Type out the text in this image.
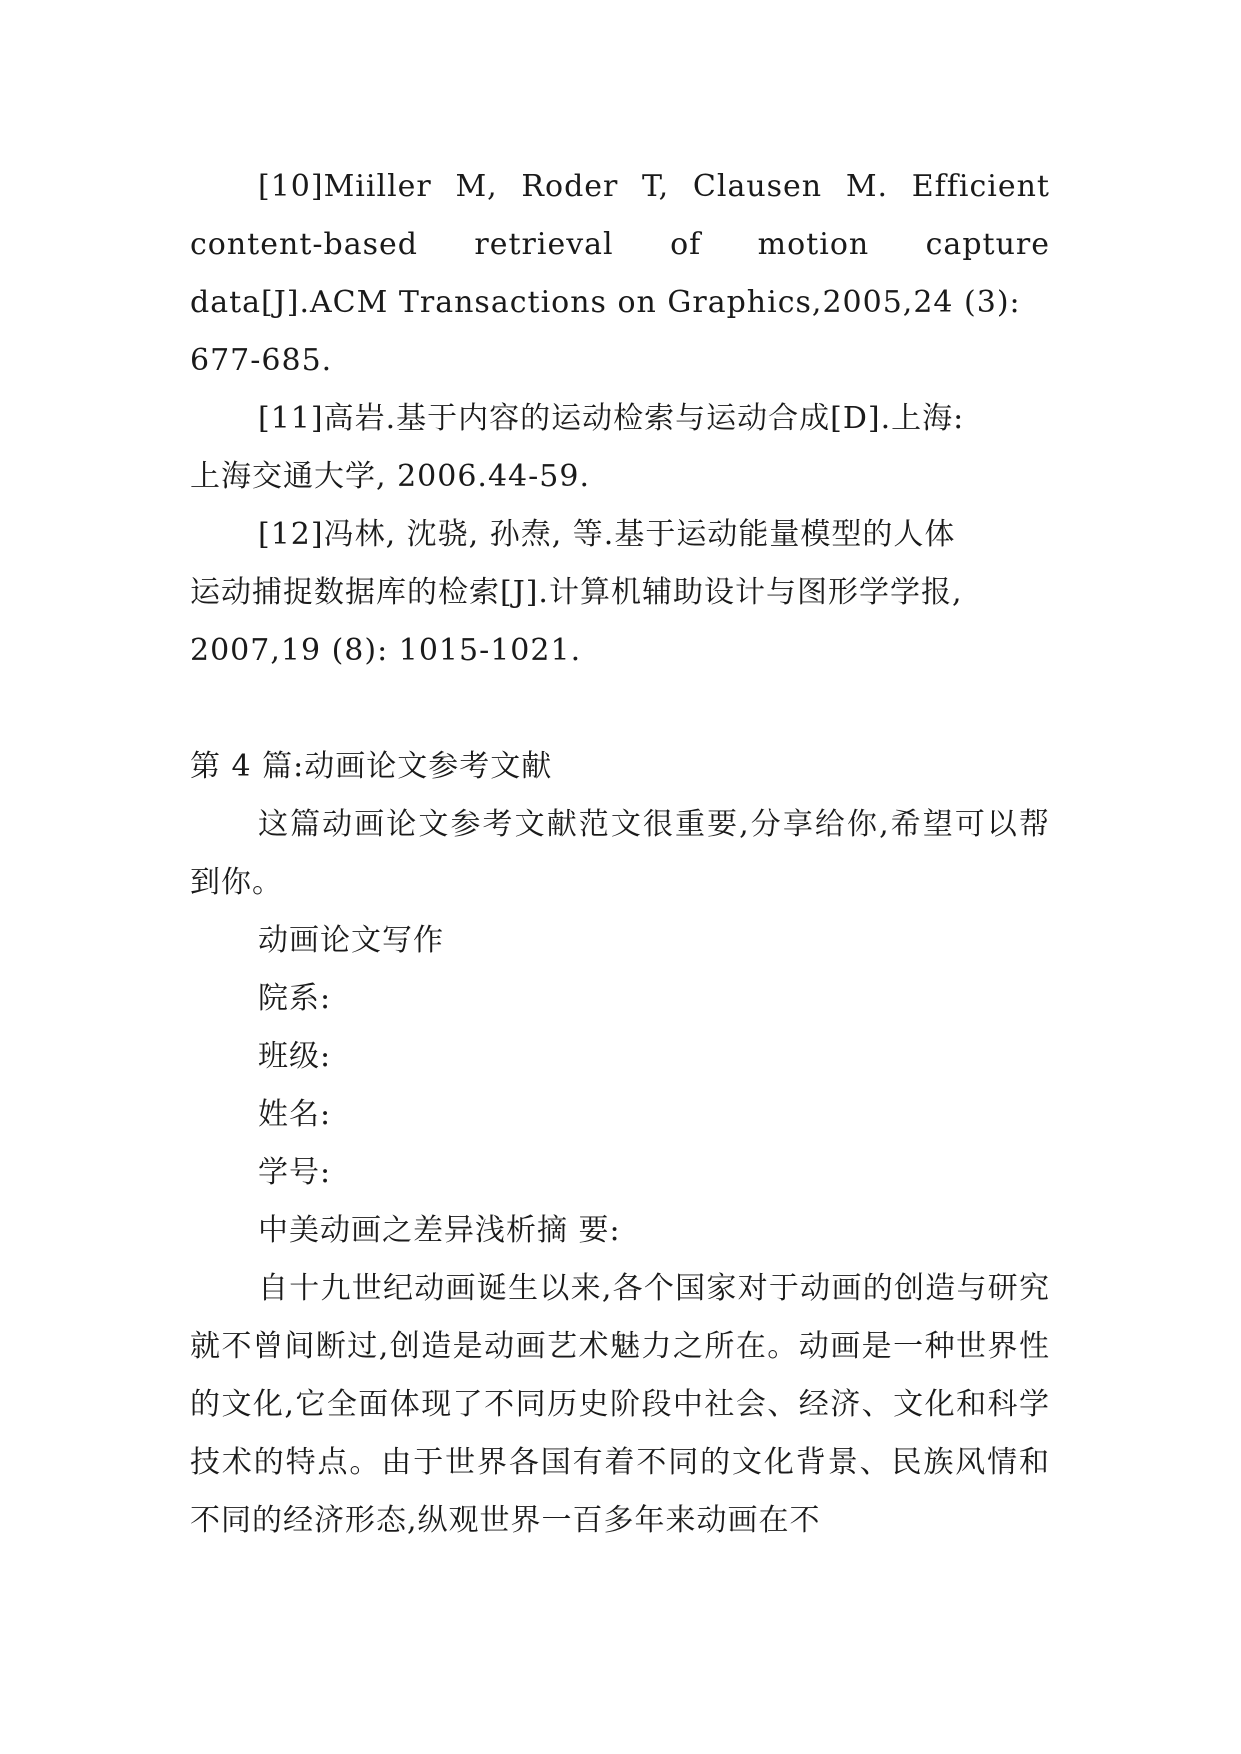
[10]Miiller M, Roder T, Clausen M. Efficient
content-based retrieval of motion capture
data[J].ACM Transactions on Graphics,2005,24 (3):
677-685.

[11]高岩.基于内容的运动检索与运动合成[D].上海:
上海交通大学, 2006.44-59.

[12]冯林, 沈骁, 孙焘, 等.基于运动能量模型的人体
运动捕捉数据库的检索[J].计算机辅助设计与图形学学报,
2007,19 (8): 1015-1021.

第 4 篇:动画论文参考文献

这篇动画论文参考文献范文很重要,分享给你,希望可以帮到你。

动画论文写作

院系:

班级:

姓名:

学号:

中美动画之差异浅析摘 要:

自十九世纪动画诞生以来,各个国家对于动画的创造与研究就不曾间断过,创造是动画艺术魅力之所在。动画是一种世界性的文化,它全面体现了不同历史阶段中社会、经济、文化和科学技术的特点。由于世界各国有着不同的文化背景、民族风情和不同的经济形态,纵观世界一百多年来动画在不
